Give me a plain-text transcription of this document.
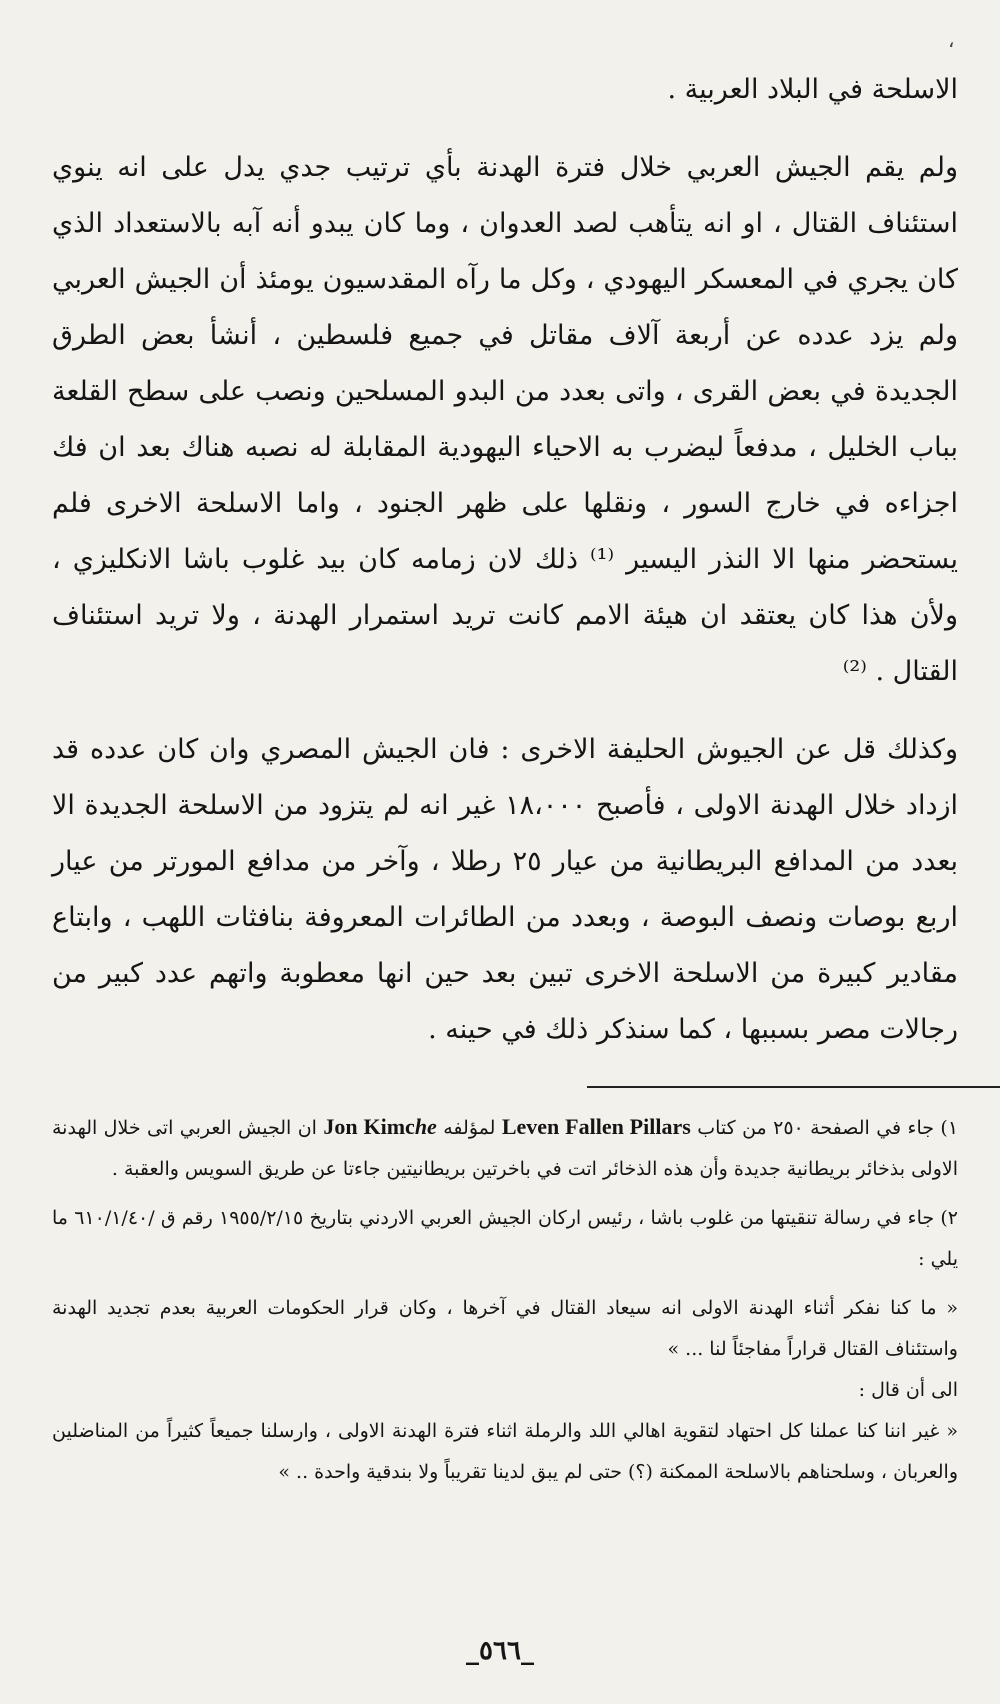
،

الاسلحة في البلاد العربية .

ولم يقم الجيش العربي خلال فترة الهدنة بأي ترتيب جدي يدل على انه ينوي استئناف القتال ، او انه يتأهب لصد العدوان ، وما كان يبدو أنه آبه بالاستعداد الذي كان يجري في المعسكر اليهودي ، وكل ما رآه المقدسيون يومئذ أن الجيش العربي ولم يزد عدده عن أربعة آلاف مقاتل في جميع فلسطين ، أنشأ بعض الطرق الجديدة في بعض القرى ، واتى بعدد من البدو المسلحين ونصب على سطح القلعة بباب الخليل ، مدفعاً ليضرب به الاحياء اليهودية المقابلة له نصبه هناك بعد ان فك اجزاءه في خارج السور ، ونقلها على ظهر الجنود ، واما الاسلحة الاخرى فلم يستحضر منها الا النذر اليسير ⁽¹⁾ ذلك لان زمامه كان بيد غلوب باشا الانكليزي ، ولأن هذا كان يعتقد ان هيئة الامم كانت تريد استمرار الهدنة ، ولا تريد استئناف القتال . ⁽²⁾

وكذلك قل عن الجيوش الحليفة الاخرى : فان الجيش المصري وان كان عدده قد ازداد خلال الهدنة الاولى ، فأصبح ١٨،٠٠٠ غير انه لم يتزود من الاسلحة الجديدة الا بعدد من المدافع البريطانية من عيار ٢٥ رطلا ، وآخر من مدافع المورتر من عيار اربع بوصات ونصف البوصة ، وبعدد من الطائرات المعروفة بنافثات اللهب ، وابتاع مقادير كبيرة من الاسلحة الاخرى تبين بعد حين انها معطوبة واتهم عدد كبير من رجالات مصر بسببها ، كما سنذكر ذلك في حينه .

١) جاء في الصفحة ٢٥٠ من كتاب Leven Fallen Pillars لمؤلفه Jon Kimche ان الجيش العربي اتى خلال الهدنة الاولى بذخائر بريطانية جديدة وأن هذه الذخائر اتت في باخرتين بريطانيتين جاءتا عن طريق السويس والعقبة .

٢) جاء في رسالة تنقيتها من غلوب باشا ، رئيس اركان الجيش العربي الاردني بتاريخ ١٩٥٥/٢/١٥ رقم ق /٦١٠/١/٤٠ ما يلي :

« ما كنا نفكر أثناء الهدنة الاولى انه سيعاد القتال في آخرها ، وكان قرار الحكومات العربية بعدم تجديد الهدنة واستئناف القتال قراراً مفاجئاً لنا ... »

الى أن قال :

« غير اننا كنا عملنا كل احتهاد لتقوية اهالي اللد والرملة اثناء فترة الهدنة الاولى ، وارسلنا جميعاً كثيراً من المناضلين والعربان ، وسلحناهم بالاسلحة الممكنة (؟) حتى لم يبق لدينا تقريباً ولا بندقية واحدة .. »

_٥٦٦_
